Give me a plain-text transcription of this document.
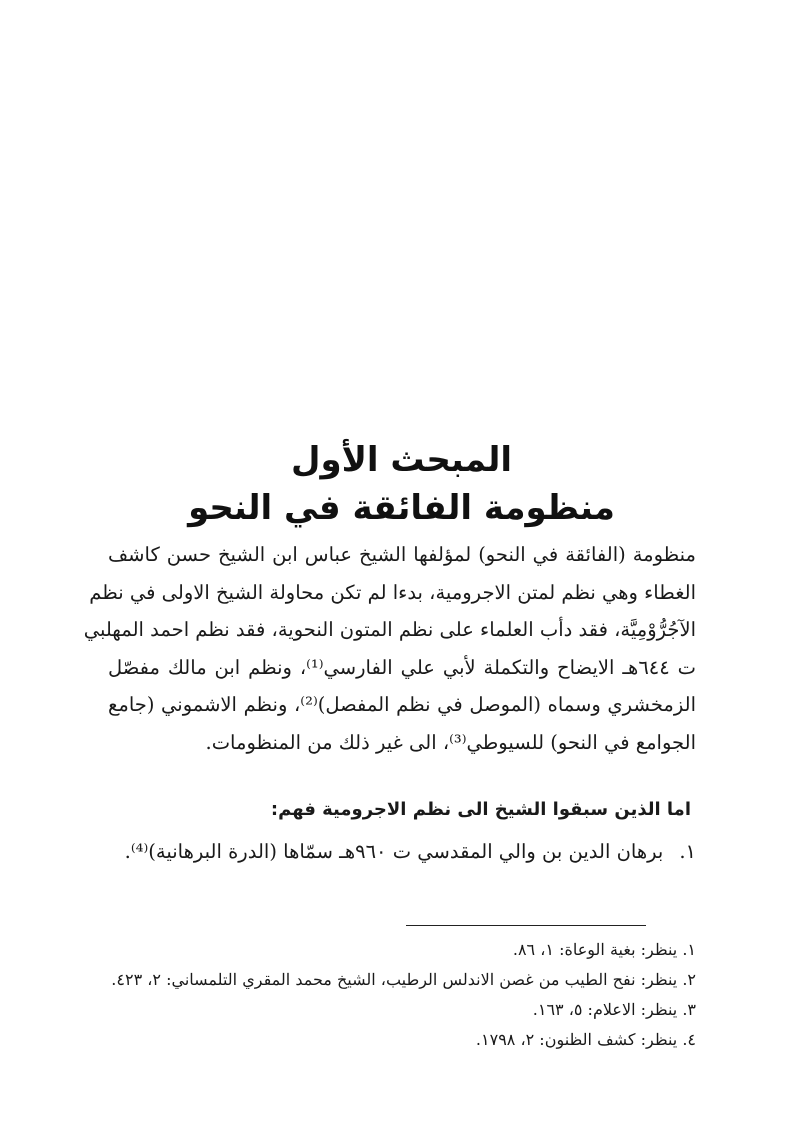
المبحث الأول
منظومة الفائقة في النحو
منظومة (الفائقة في النحو) لمؤلفها الشيخ عباس ابن الشيخ حسن كاشف
الغطاء وهي نظم لمتن الاجرومية، بدءا لم تكن محاولة الشيخ الاولى في نظم
الآجُرُّوْمِيَّة، فقد دأب العلماء على نظم المتون النحوية، فقد نظم احمد المهلبي
ت ٦٤٤هـ الايضاح والتكملة لأبي علي الفارسي⁽¹⁾، ونظم ابن مالك مفصّل
الزمخشري وسماه (الموصل في نظم المفصل)⁽²⁾، ونظم الاشموني (جامع
الجوامع في النحو) للسيوطي⁽³⁾، الى غير ذلك من المنظومات.
اما الذين سبقوا الشيخ الى نظم الاجرومية فهم:
١.برهان الدين بن والي المقدسي ت ٩٦٠هـ سمّاها (الدرة البرهانية)⁽⁴⁾.
١. ينظر: بغية الوعاة: ١، ٨٦.
٢. ينظر: نفح الطيب من غصن الاندلس الرطيب، الشيخ محمد المقري التلمساني: ٢، ٤٢٣.
٣. ينظر: الاعلام: ٥، ١٦٣.
٤. ينظر: كشف الظنون: ٢، ١٧٩٨.
